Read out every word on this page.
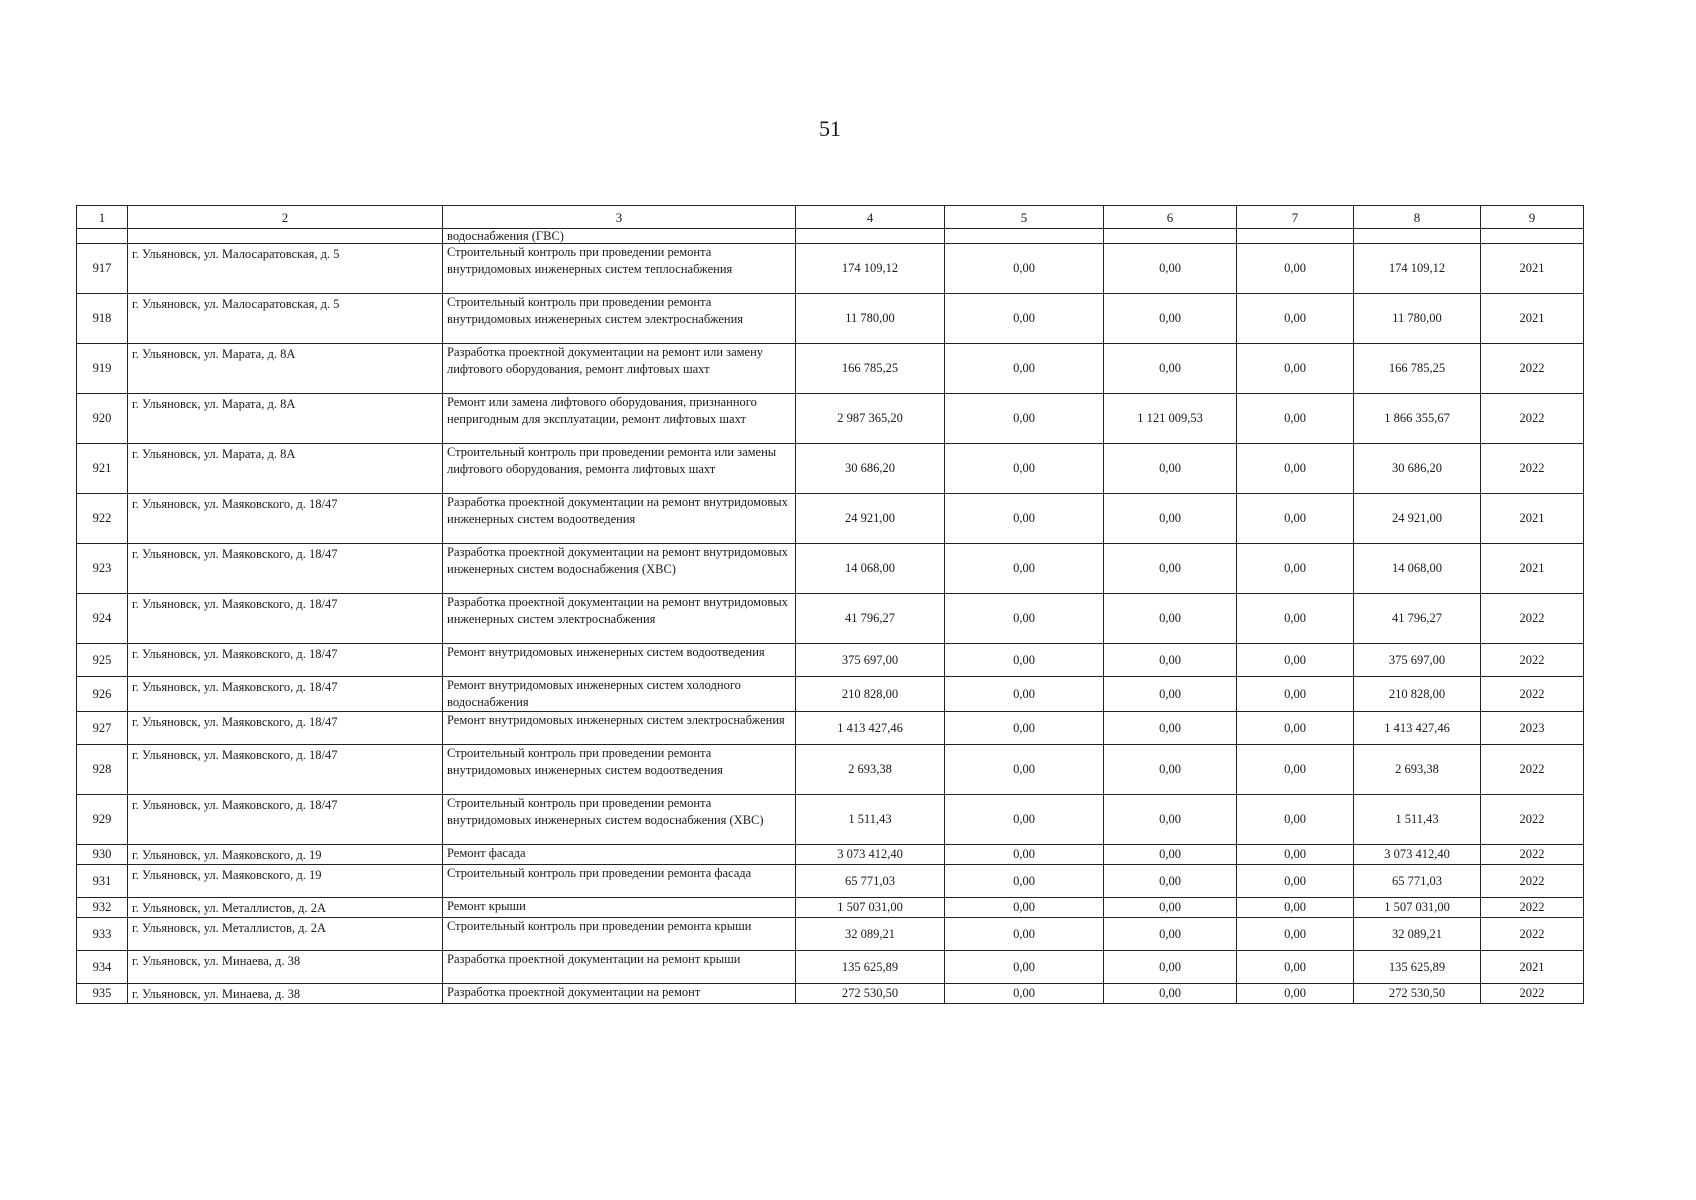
51
1	2	3	4	5	6	7	8	9
		водоснабжения (ГВС)						
917	г. Ульяновск, ул. Малосаратовская, д. 5	Строительный контроль при проведении ремонта внутридомовых инженерных систем теплоснабжения	174 109,12	0,00	0,00	0,00	174 109,12	2021
918	г. Ульяновск, ул. Малосаратовская, д. 5	Строительный контроль при проведении ремонта внутридомовых инженерных систем электроснабжения	11 780,00	0,00	0,00	0,00	11 780,00	2021
919	г. Ульяновск, ул. Марата, д. 8А	Разработка проектной документации на ремонт или замену лифтового оборудования, ремонт лифтовых шахт	166 785,25	0,00	0,00	0,00	166 785,25	2022
920	г. Ульяновск, ул. Марата, д. 8А	Ремонт или замена лифтового оборудования, признанного непригодным для эксплуатации, ремонт лифтовых шахт	2 987 365,20	0,00	1 121 009,53	0,00	1 866 355,67	2022
921	г. Ульяновск, ул. Марата, д. 8А	Строительный контроль при проведении ремонта или замены лифтового оборудования, ремонта лифтовых шахт	30 686,20	0,00	0,00	0,00	30 686,20	2022
922	г. Ульяновск, ул. Маяковского, д. 18/47	Разработка проектной документации на ремонт внутридомовых инженерных систем водоотведения	24 921,00	0,00	0,00	0,00	24 921,00	2021
923	г. Ульяновск, ул. Маяковского, д. 18/47	Разработка проектной документации на ремонт внутридомовых инженерных систем водоснабжения (ХВС)	14 068,00	0,00	0,00	0,00	14 068,00	2021
924	г. Ульяновск, ул. Маяковского, д. 18/47	Разработка проектной документации на ремонт внутридомовых инженерных систем электроснабжения	41 796,27	0,00	0,00	0,00	41 796,27	2022
925	г. Ульяновск, ул. Маяковского, д. 18/47	Ремонт внутридомовых инженерных систем водоотведения	375 697,00	0,00	0,00	0,00	375 697,00	2022
926	г. Ульяновск, ул. Маяковского, д. 18/47	Ремонт внутридомовых инженерных систем холодного водоснабжения	210 828,00	0,00	0,00	0,00	210 828,00	2022
927	г. Ульяновск, ул. Маяковского, д. 18/47	Ремонт внутридомовых инженерных систем электроснабжения	1 413 427,46	0,00	0,00	0,00	1 413 427,46	2023
928	г. Ульяновск, ул. Маяковского, д. 18/47	Строительный контроль при проведении ремонта внутридомовых инженерных систем водоотведения	2 693,38	0,00	0,00	0,00	2 693,38	2022
929	г. Ульяновск, ул. Маяковского, д. 18/47	Строительный контроль при проведении ремонта внутридомовых инженерных систем водоснабжения (ХВС)	1 511,43	0,00	0,00	0,00	1 511,43	2022
930	г. Ульяновск, ул. Маяковского, д. 19	Ремонт фасада	3 073 412,40	0,00	0,00	0,00	3 073 412,40	2022
931	г. Ульяновск, ул. Маяковского, д. 19	Строительный контроль при проведении ремонта фасада	65 771,03	0,00	0,00	0,00	65 771,03	2022
932	г. Ульяновск, ул. Металлистов, д. 2А	Ремонт крыши	1 507 031,00	0,00	0,00	0,00	1 507 031,00	2022
933	г. Ульяновск, ул. Металлистов, д. 2А	Строительный контроль при проведении ремонта крыши	32 089,21	0,00	0,00	0,00	32 089,21	2022
934	г. Ульяновск, ул. Минаева, д. 38	Разработка проектной документации на ремонт крыши	135 625,89	0,00	0,00	0,00	135 625,89	2021
935	г. Ульяновск, ул. Минаева, д. 38	Разработка проектной документации на ремонт	272 530,50	0,00	0,00	0,00	272 530,50	2022
